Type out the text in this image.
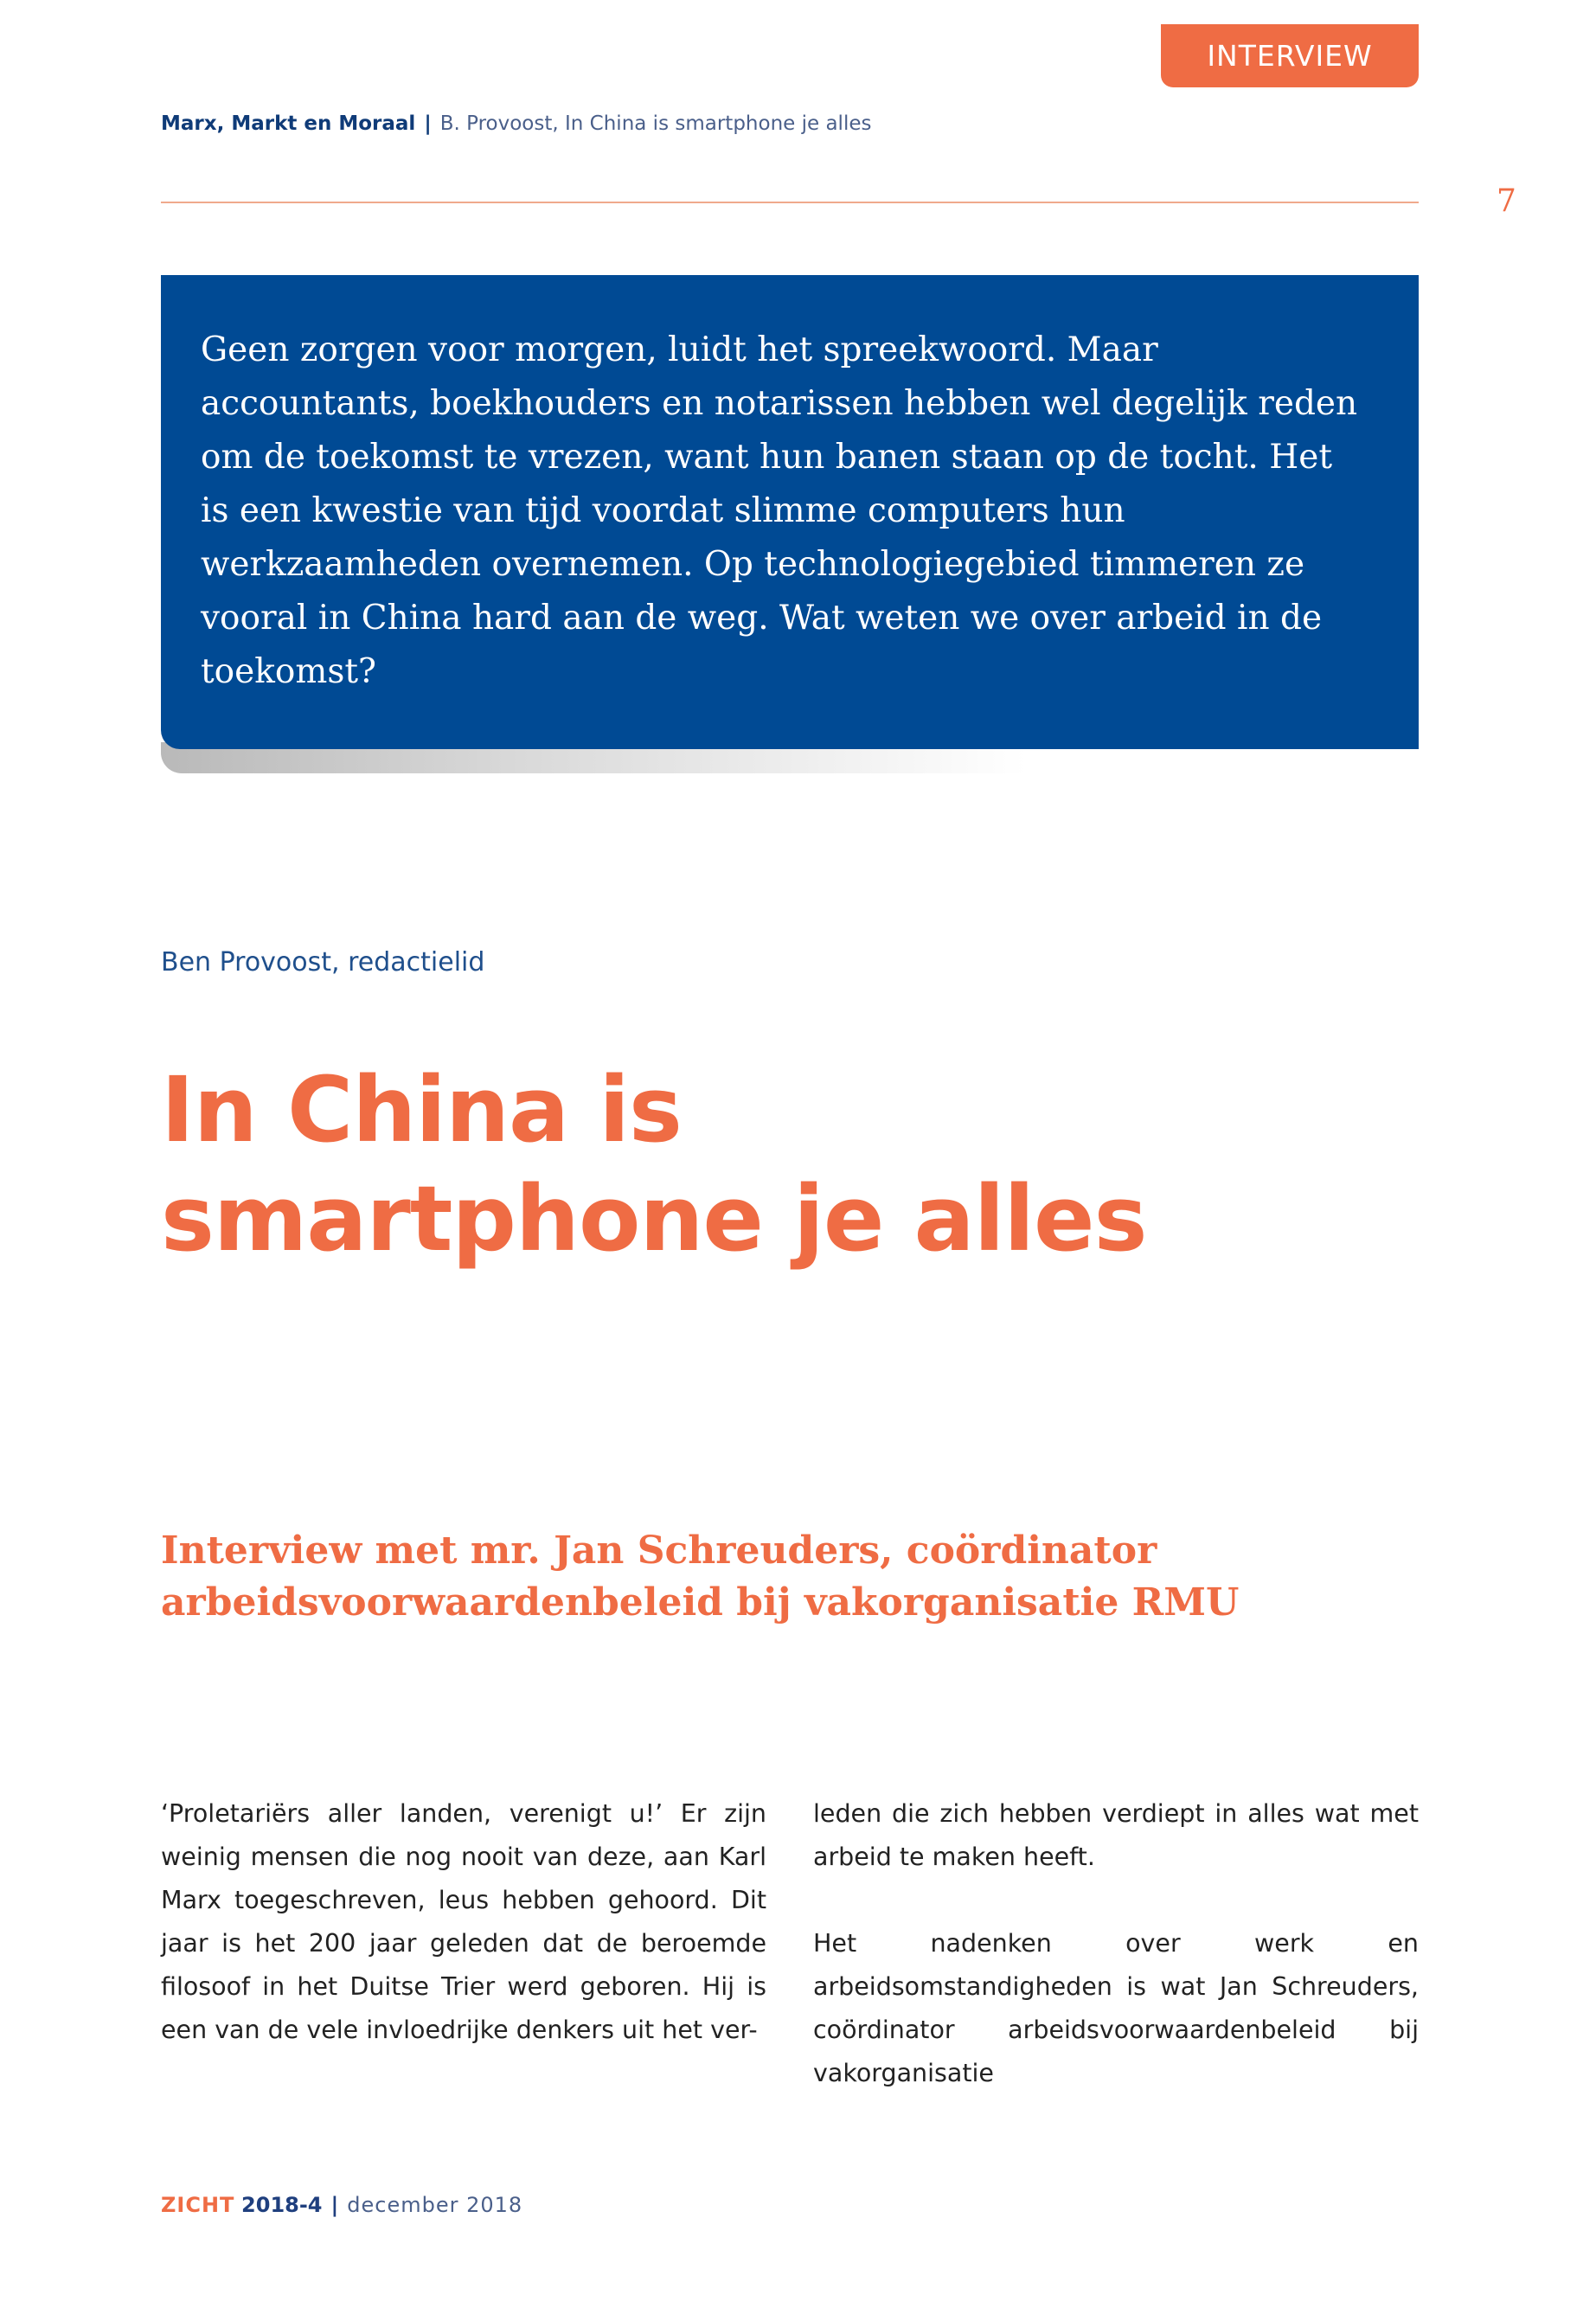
INTERVIEW
Marx, Markt en Moraal | B. Provoost, In China is smartphone je alles
7

Geen zorgen voor morgen, luidt het spreekwoord. Maar accountants, boekhouders en notarissen hebben wel degelijk reden om de toekomst te vrezen, want hun banen staan op de tocht. Het is een kwestie van tijd voordat slimme computers hun werkzaamheden overnemen. Op technologiegebied timmeren ze vooral in China hard aan de weg. Wat weten we over arbeid in de toekomst?

Ben Provoost, redactielid
In China is
smartphone je alles
Interview met mr. Jan Schreuders, coördinator
arbeidsvoorwaardenbeleid bij vakorganisatie RMU

‘Proletariërs aller landen, verenigt u!’ Er zijn weinig mensen die nog nooit van deze, aan Karl Marx toegeschreven, leus hebben gehoord. Dit jaar is het 200 jaar geleden dat de beroemde filosoof in het Duitse Trier werd geboren. Hij is een van de vele invloedrijke denkers uit het ver-

leden die zich hebben verdiept in alles wat met arbeid te maken heeft.

Het nadenken over werk en arbeidsomstandigheden is wat Jan Schreuders, coördinator arbeidsvoorwaardenbeleid bij vakorganisatie

ZICHT 2018-4 | december 2018
